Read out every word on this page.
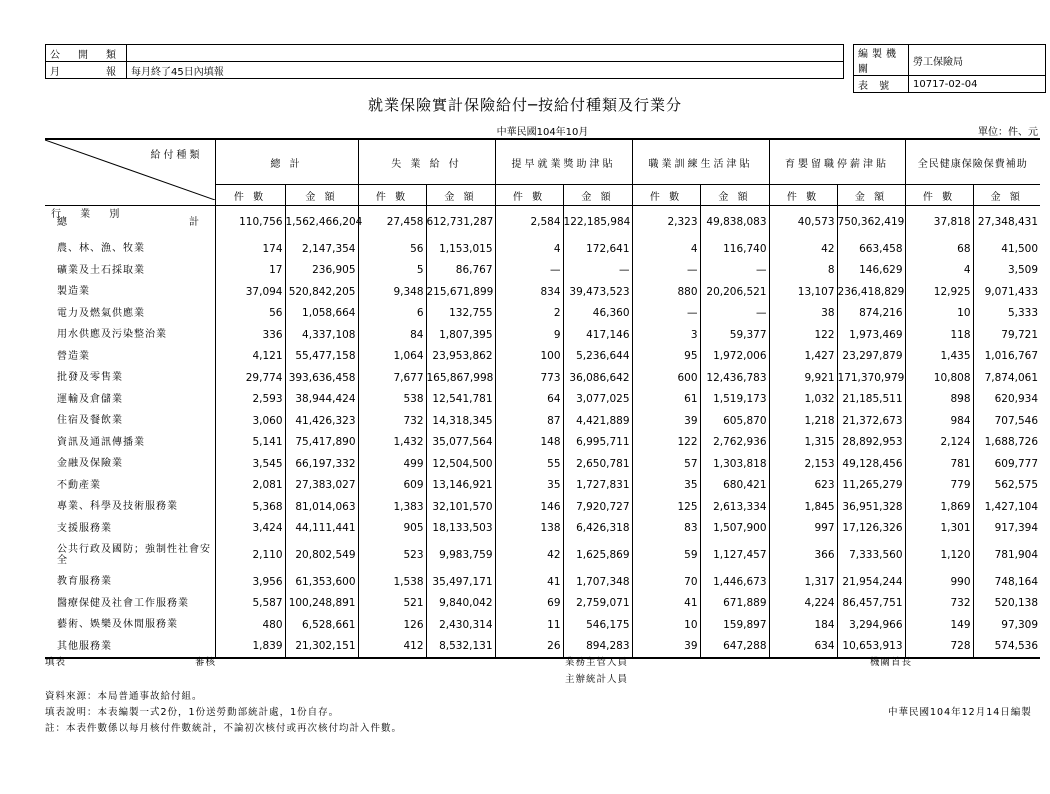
公 開 類		
月 報	每月終了45日內填報	
編製機關	勞工保險局
表 號	10717-02-04
就業保險實計保險給付─按給付種類及行業分
中華民國104年10月	單位：件、元
給付種類
行 業 別	總 計		失 業 給 付		提早就業獎助津貼		職業訓練生活津貼		育嬰留職停薪津貼		全民健康保險保費補助	
	件 數	金 額	件 數	金 額	件 數	金 額	件 數	金 額	件 數	金 額	件 數	金 額
總　　　　　　　　　　　計	110,756	1,562,466,204	27,458	612,731,287	2,584	122,185,984	2,323	49,838,083	40,573	750,362,419	37,818	27,348,431
農、林、漁、牧業	174	2,147,354	56	1,153,015	4	172,641	4	116,740	42	663,458	68	41,500
礦業及土石採取業	17	236,905	5	86,767	—	—	—	—	8	146,629	4	3,509
製造業	37,094	520,842,205	9,348	215,671,899	834	39,473,523	880	20,206,521	13,107	236,418,829	12,925	9,071,433
電力及燃氣供應業	56	1,058,664	6	132,755	2	46,360	—	—	38	874,216	10	5,333
用水供應及污染整治業	336	4,337,108	84	1,807,395	9	417,146	3	59,377	122	1,973,469	118	79,721
營造業	4,121	55,477,158	1,064	23,953,862	100	5,236,644	95	1,972,006	1,427	23,297,879	1,435	1,016,767
批發及零售業	29,774	393,636,458	7,677	165,867,998	773	36,086,642	600	12,436,783	9,921	171,370,979	10,808	7,874,061
運輸及倉儲業	2,593	38,944,424	538	12,541,781	64	3,077,025	61	1,519,173	1,032	21,185,511	898	620,934
住宿及餐飲業	3,060	41,426,323	732	14,318,345	87	4,421,889	39	605,870	1,218	21,372,673	984	707,546
資訊及通訊傳播業	5,141	75,417,890	1,432	35,077,564	148	6,995,711	122	2,762,936	1,315	28,892,953	2,124	1,688,726
金融及保險業	3,545	66,197,332	499	12,504,500	55	2,650,781	57	1,303,818	2,153	49,128,456	781	609,777
不動產業	2,081	27,383,027	609	13,146,921	35	1,727,831	35	680,421	623	11,265,279	779	562,575
專業、科學及技術服務業	5,368	81,014,063	1,383	32,101,570	146	7,920,727	125	2,613,334	1,845	36,951,328	1,869	1,427,104
支援服務業	3,424	44,111,441	905	18,133,503	138	6,426,318	83	1,507,900	997	17,126,326	1,301	917,394
公共行政及國防；強制性社會安全	2,110	20,802,549	523	9,983,759	42	1,625,869	59	1,127,457	366	7,333,560	1,120	781,904
教育服務業	3,956	61,353,600	1,538	35,497,171	41	1,707,348	70	1,446,673	1,317	21,954,244	990	748,164
醫療保健及社會工作服務業	5,587	100,248,891	521	9,840,042	69	2,759,071	41	671,889	4,224	86,457,751	732	520,138
藝術、娛樂及休閒服務業	480	6,528,661	126	2,430,314	11	546,175	10	159,897	184	3,294,966	149	97,309
其他服務業	1,839	21,302,151	412	8,532,131	26	894,283	39	647,288	634	10,653,913	728	574,536
填表	審核	業務主管人員
主辦統計人員
機關首長
資料來源：本局普通事故給付組。
填表說明：本表編製一式2份，1份送勞動部統計處，1份自存。
註：本表件數係以每月核付件數統計，不論初次核付或再次核付均計入件數。
中華民國104年12月14日編製
